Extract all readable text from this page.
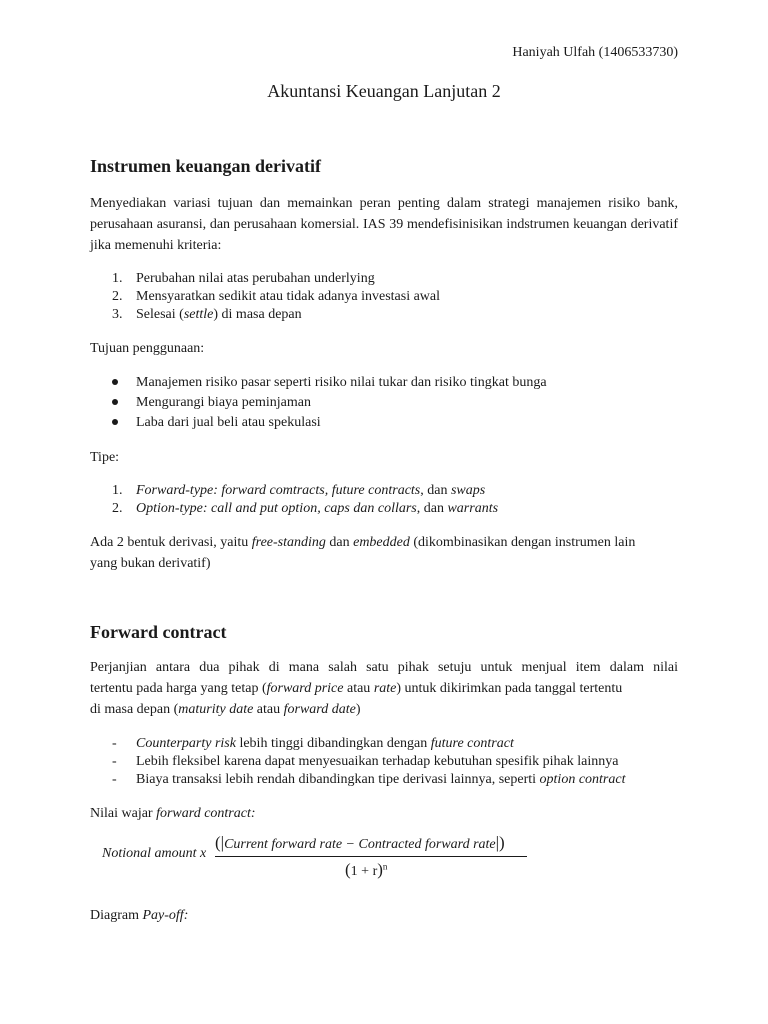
Haniyah Ulfah (1406533730)
Akuntansi Keuangan Lanjutan 2
Instrumen keuangan derivatif
Menyediakan variasi tujuan dan memainkan peran penting dalam strategi manajemen risiko bank, perusahaan asuransi, dan perusahaan komersial. IAS 39 mendefisinisikan indstrumen keuangan derivatif jika memenuhi kriteria:
1. Perubahan nilai atas perubahan underlying
2. Mensyaratkan sedikit atau tidak adanya investasi awal
3. Selesai (settle) di masa depan
Tujuan penggunaan:
Manajemen risiko pasar seperti risiko nilai tukar dan risiko tingkat bunga
Mengurangi biaya peminjaman
Laba dari jual beli atau spekulasi
Tipe:
1. Forward-type: forward comtracts, future contracts, dan swaps
2. Option-type: call and put option, caps dan collars, dan warrants
Ada 2 bentuk derivasi, yaitu free-standing dan embedded (dikombinasikan dengan instrumen lain
yang bukan derivatif)
Forward contract
Perjanjian antara dua pihak di mana salah satu pihak setuju untuk menjual item dalam nilai
tertentu pada harga yang tetap (forward price atau rate) untuk dikirimkan pada tanggal tertentu
di masa depan (maturity date atau forward date)
- Counterparty risk lebih tinggi dibandingkan dengan future contract
- Lebih fleksibel karena dapat menyesuaikan terhadap kebutuhan spesifik pihak lainnya
- Biaya transaksi lebih rendah dibandingkan tipe derivasi lainnya, seperti option contract
Nilai wajar forward contract:
Notional amount x
(|Current forward rate − Contracted forward rate|)
$(1 + r)^n$
Diagram Pay-off:
